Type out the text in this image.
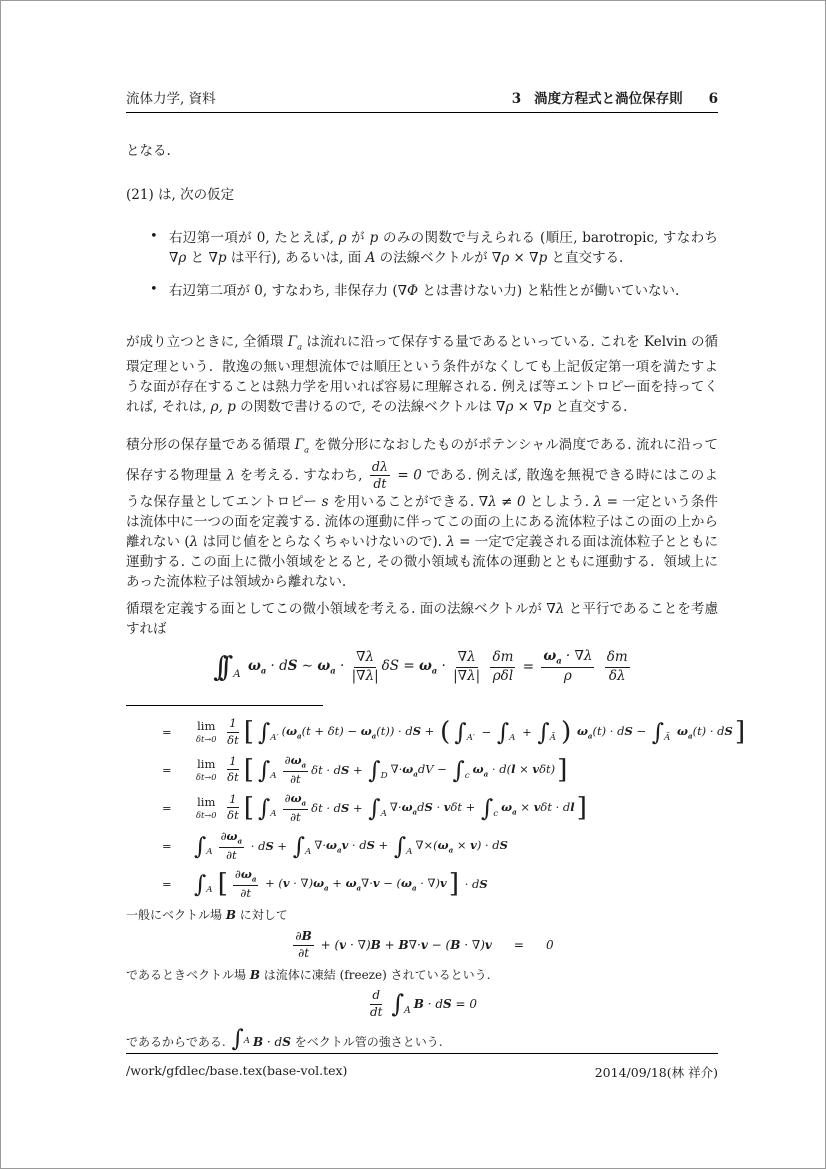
流体力学, 資料	3 渦度方程式と渦位保存則 6
となる.
(21) は, 次の仮定
• 右辺第一項が 0, たとえば, ρ が p のみの関数で与えられる (順圧, barotropic, すなわち ∇ρ と ∇p は平行), あるいは, 面 A の法線ベクトルが ∇ρ × ∇p と直交する.
• 右辺第二項が 0, すなわち, 非保存力 (∇Φ とは書けない力) と粘性とが働いていない.
が成り立つときに, 全循環 $\Gamma_a$ は流れに沿って保存する量であるといっている. これを Kelvin の循環定理という.  散逸の無い理想流体では順圧という条件がなくしても上記仮定第一項を満たすような面が存在することは熱力学を用いれば容易に理解される. 例えば等エントロピー面を持ってくれば, それは, ρ, p の関数で書けるので, その法線ベクトルは ∇ρ × ∇p と直交する.
積分形の保存量である循環 $\Gamma_a$ を微分形になおしたものがポテンシャル渦度である. 流れに沿って保存する物理量 λ を考える. すなわち, $\frac{d\lambda}{dt} = 0$ である. 例えば, 散逸を無視できる時にはこのような保存量としてエントロピー s を用いることができる. ∇λ ≠ 0 としよう. λ = 一定という条件は流体中に一つの面を定義する. 流体の運動に伴ってこの面の上にある流体粒子はこの面の上から離れない (λ は同じ値をとらなくちゃいけないので). λ = 一定で定義される面は流体粒子とともに運動する. この面上に微小領域をとると, その微小領域も流体の運動とともに運動する.  領域上にあった流体粒子は領域から離れない.
循環を定義する面としてこの微小領域を考える. 面の法線ベクトルが ∇λ と平行であることを考慮すれば
∫∫ A $\omega_a$ · dS ∼ $\omega_a \cdot \frac{\nabla\lambda}{|\nabla\lambda|}$ $\delta S = \omega_a \cdot \frac{\nabla\lambda}{|\nabla\lambda|}$
$\frac{\delta m}{\text{ρδl}} = \frac{\omega_a \cdot \nabla\lambda}{\rho}$
$\frac{\delta m}{\delta\lambda}$
=	lim
δt→0
$\frac{1}{\delta t}$ [ ∫ A′
$(\omega_a(t + \delta t) - \omega_a(t))$ · dS + ( ∫ A′ − ∫ A + ∫ Ã ) $\omega_a(t)$ · dS − ∫ Ã
$\omega_a(t)$ · dS ]
=	lim
δt→0
$\frac{1}{\delta t}$ [ ∫ A $\frac{\partial\omega_a}{\partial t}$ δt · dS + ∫ D
$\nabla\cdot\omega_adV$ − ∫ c
$\omega_a \cdot d(l \times v\delta t)$ ]
=	lim
δt→0
$\frac{1}{\delta t}$ [ ∫ A $\frac{\partial\omega_a}{\partial t}$ δt · dS + ∫ A
$\nabla\cdot\omega_adS \cdot v\delta t$ + ∫ c
$\omega_a \times v\delta t$ · dl ]
= ∫ A $\frac{\partial\omega_a}{\partial t}$ · dS + ∫ A
$\nabla\cdot\omega_av$ · dS + ∫ A
$\nabla\times(\omega_a \times v)$ · dS
= ∫ A [ $\frac{\partial\omega_a}{\partial t} + (v \cdot \nabla)\omega_a + \omega_a\nabla\cdot v - (\omega_a \cdot \nabla)v$ ] · dS
一般にベクトル場 B に対して
$\frac{\partial B}{\partial t} + (v \cdot \nabla)B + B\nabla\cdot v - (B \cdot \nabla)v = 0$
であるときベクトル場 B は流体に凍結 (freeze) されているという.
$\frac{d}{dt}$
∫ A B · dS = 0
であるからである. ∫ A B · dS をベクトル管の強さという.
/work/gfdlec/base.tex(base-vol.tex)	2014/09/18(林 祥介)
